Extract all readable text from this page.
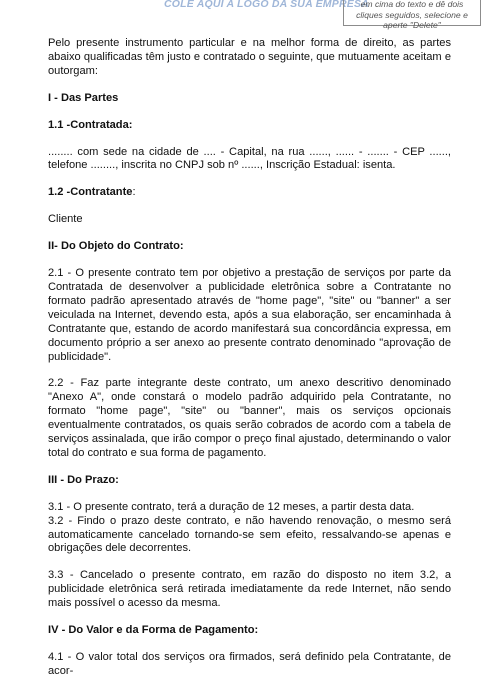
COLE AQUI A LOGO DA SUA EMPRESA
em cima do texto e dê dois cliques seguidos, selecione e aperte "Delete"

Pelo presente instrumento particular e na melhor forma de direito, as partes abaixo qualificadas têm justo e contratado o seguinte, que mutuamente aceitam e outorgam:

I - Das Partes

1.1 -Contratada:

........ com sede na cidade de .... - Capital, na rua ......, ...... - ....... - CEP ......, telefone ........, inscrita no CNPJ sob nº ......, Inscrição Estadual: isenta.

1.2 -Contratante:

Cliente

II- Do Objeto do Contrato:

2.1 - O presente contrato tem por objetivo a prestação de serviços por parte da Contratada de desenvolver a publicidade eletrônica sobre a Contratante no formato padrão apresentado através de "home page", "site" ou "banner" a ser veiculada na Internet, devendo esta, após a sua elaboração, ser encaminhada à Contratante que, estando de acordo manifestará sua concordância expressa, em documento próprio a ser anexo ao presente contrato denominado "aprovação de publicidade".

2.2 - Faz parte integrante deste contrato, um anexo descritivo denominado "Anexo A", onde constará o modelo padrão adquirido pela Contratante, no formato "home page", "site" ou "banner", mais os serviços opcionais eventualmente contratados, os quais serão cobrados de acordo com a tabela de serviços assinalada, que irão compor o preço final ajustado, determinando o valor total do contrato e sua forma de pagamento.

III - Do Prazo:

3.1 - O presente contrato, terá a duração de 12 meses, a partir desta data.

3.2 - Findo o prazo deste contrato, e não havendo renovação, o mesmo será automaticamente cancelado tornando-se sem efeito, ressalvando-se apenas e obrigações dele decorrentes.

3.3 - Cancelado o presente contrato, em razão do disposto no item 3.2, a publicidade eletrônica será retirada imediatamente da rede Internet, não sendo mais possível o acesso da mesma.

IV - Do Valor e da Forma de Pagamento:

4.1 - O valor total dos serviços ora firmados, será definido pela Contratante, de acor-
